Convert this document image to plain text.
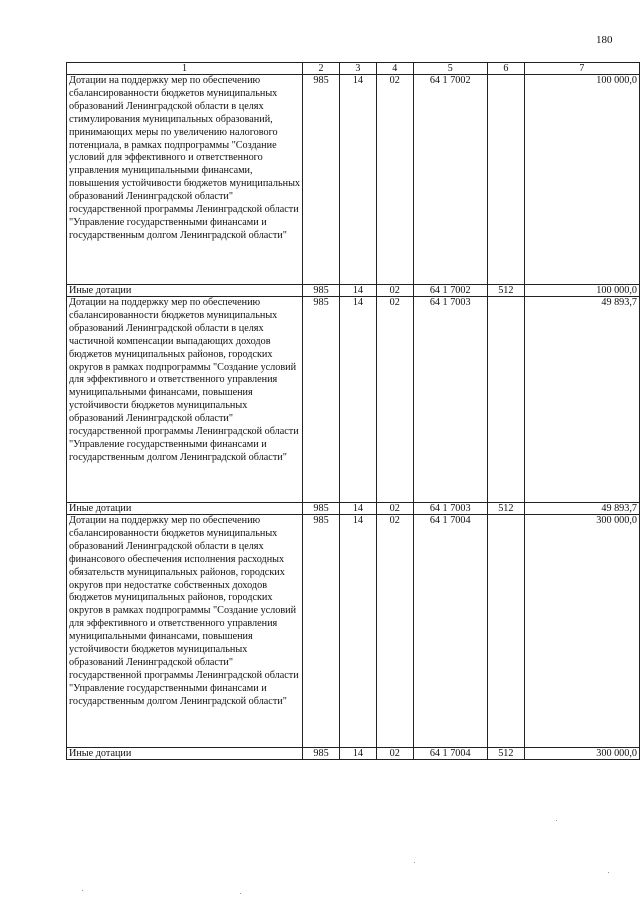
180
1	2	3	4	5	6	7
Дотации на поддержку мер по обеспечению сбалансированности бюджетов муниципальных образований Ленинградской области в целях стимулирования муниципальных образований, принимающих меры по увеличению налогового потенциала, в рамках подпрограммы "Создание условий для эффективного и ответственного управления муниципальными финансами, повышения устойчивости бюджетов муниципальных образований Ленинградской области" государственной программы Ленинградской области "Управление государственными финансами и государственным долгом Ленинградской области"	985	14	02	64 1 7002		100 000,0
Иные дотации	985	14	02	64 1 7002	512	100 000,0
Дотации на поддержку мер по обеспечению сбалансированности бюджетов муниципальных образований Ленинградской области в целях частичной компенсации выпадающих доходов бюджетов муниципальных районов, городских округов в рамках подпрограммы "Создание условий для эффективного и ответственного управления муниципальными финансами, повышения устойчивости бюджетов муниципальных образований Ленинградской области" государственной программы Ленинградской области "Управление государственными финансами и государственным долгом Ленинградской области"	985	14	02	64 1 7003		49 893,7
Иные дотации	985	14	02	64 1 7003	512	49 893,7
Дотации на поддержку мер по обеспечению сбалансированности бюджетов муниципальных образований Ленинградской области в целях финансового обеспечения исполнения расходных обязательств муниципальных районов, городских округов при недостатке собственных доходов бюджетов муниципальных районов, городских округов в рамках подпрограммы "Создание условий для эффективного и ответственного управления муниципальными финансами, повышения устойчивости бюджетов муниципальных образований Ленинградской области" государственной программы Ленинградской области "Управление государственными финансами и государственным долгом Ленинградской области"	985	14	02	64 1 7004		300 000,0
Иные дотации	985	14	02	64 1 7004	512	300 000,0
